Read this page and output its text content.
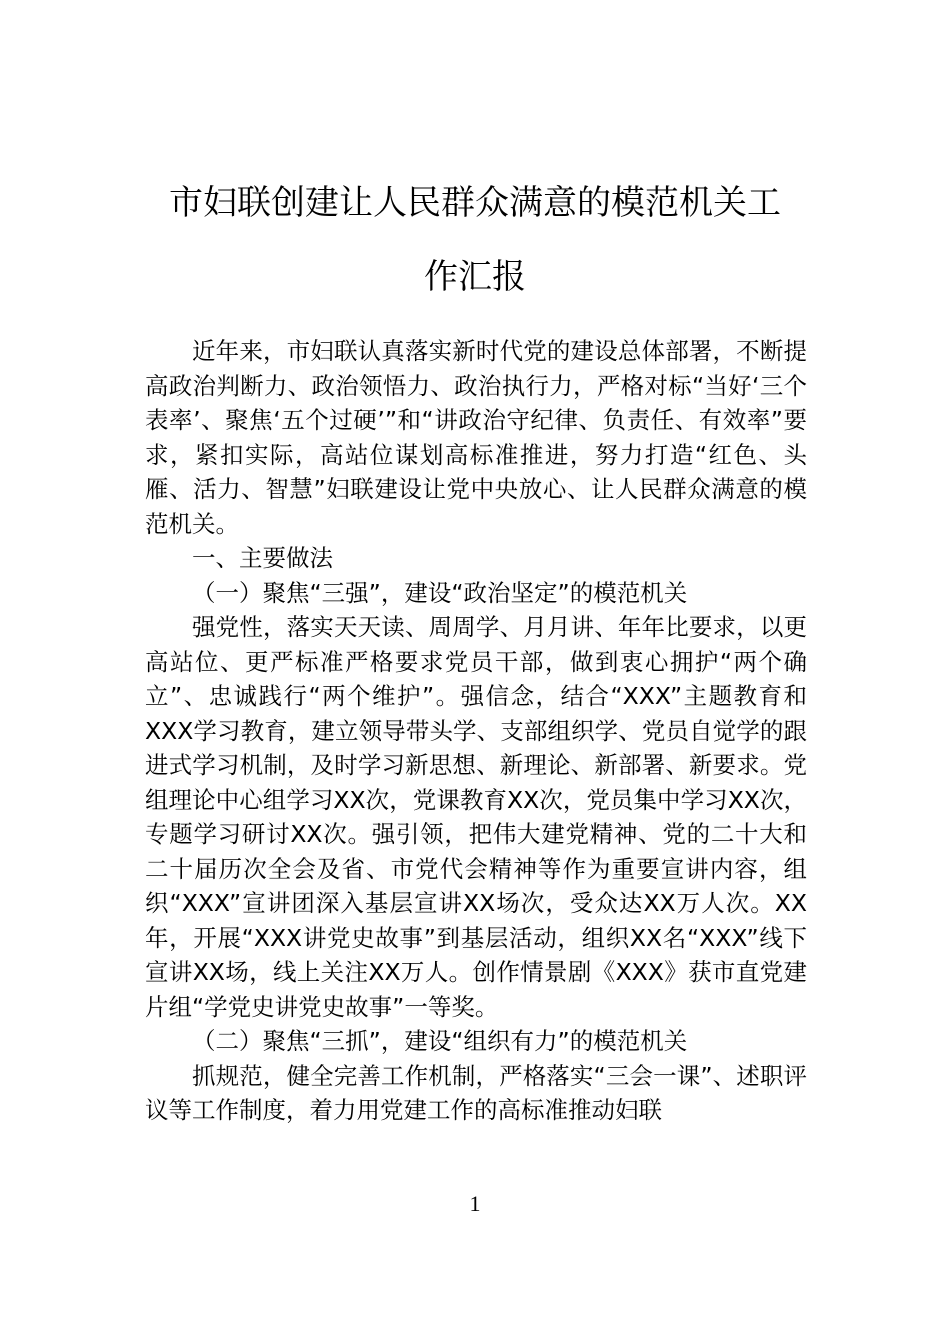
市妇联创建让人民群众满意的模范机关工
作汇报

近年来，市妇联认真落实新时代党的建设总体部署，不断提高政治判断力、政治领悟力、政治执行力，严格对标“当好‘三个表率’、聚焦‘五个过硬’”和“讲政治守纪律、负责任、有效率”要求，紧扣实际，高站位谋划高标准推进，努力打造“红色、头雁、活力、智慧”妇联建设让党中央放心、让人民群众满意的模范机关。

一、主要做法

（一）聚焦“三强”，建设“政治坚定”的模范机关

强党性，落实天天读、周周学、月月讲、年年比要求，以更高站位、更严标准严格要求党员干部，做到衷心拥护“两个确立”、忠诚践行“两个维护”。强信念，结合“XXX”主题教育和XXX学习教育，建立领导带头学、支部组织学、党员自觉学的跟进式学习机制，及时学习新思想、新理论、新部署、新要求。党组理论中心组学习XX次，党课教育XX次，党员集中学习XX次，专题学习研讨XX次。强引领，把伟大建党精神、党的二十大和二十届历次全会及省、市党代会精神等作为重要宣讲内容，组织“XXX”宣讲团深入基层宣讲XX场次，受众达XX万人次。XX年，开展“XXX讲党史故事”到基层活动，组织XX名“XXX”线下宣讲XX场，线上关注XX万人。创作情景剧《XXX》获市直党建片组“学党史讲党史故事”一等奖。

（二）聚焦“三抓”，建设“组织有力”的模范机关

抓规范，健全完善工作机制，严格落实“三会一课”、述职评议等工作制度，着力用党建工作的高标准推动妇联

1
